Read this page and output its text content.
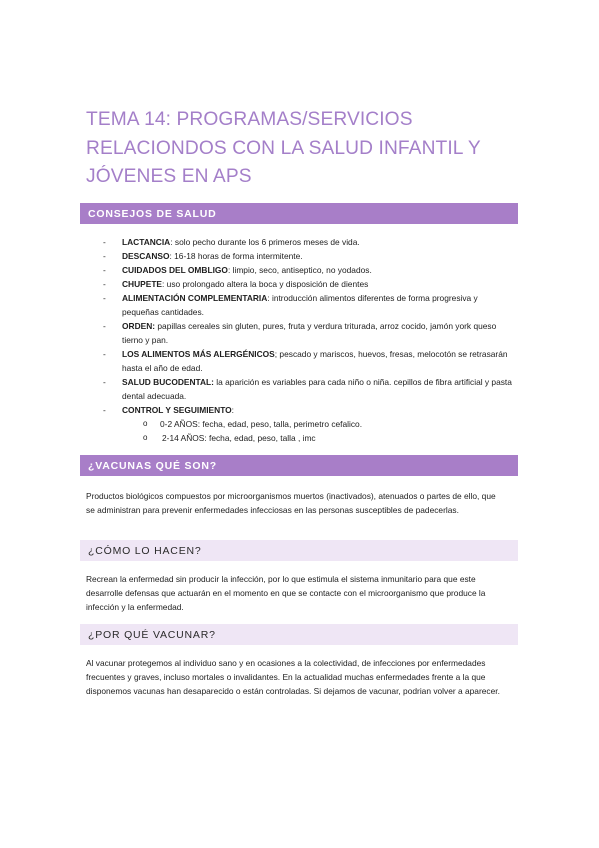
TEMA 14: PROGRAMAS/SERVICIOS
RELACIONDOS CON LA SALUD INFANTIL Y
JÓVENES EN APS
CONSEJOS DE SALUD
- LACTANCIA: solo pecho durante los 6 primeros meses de vida.
- DESCANSO: 16-18 horas de forma intermitente.
- CUIDADOS DEL OMBLIGO: limpio, seco, antiseptico, no yodados.
- CHUPETE: uso prolongado altera la boca y disposición de dientes
- ALIMENTACIÓN COMPLEMENTARIA: introducción alimentos diferentes de forma progresiva y pequeñas cantidades.
- ORDEN: papillas cereales sin gluten, pures, fruta y verdura triturada, arroz cocido, jamón york queso tierno y pan.
- LOS ALIMENTOS MÁS ALERGÉNICOS; pescado y mariscos, huevos, fresas, melocotón se retrasarán hasta el año de edad.
- SALUD BUCODENTAL: la aparición es variables para cada niño o niña. cepillos de fibra artificial y pasta dental adecuada.
- CONTROL Y SEGUIMIENTO:
o 0-2 AÑOS: fecha, edad, peso, talla, perimetro cefalico.
o 2-14 AÑOS: fecha, edad, peso, talla , imc
¿VACUNAS QUÉ SON?
Productos biológicos compuestos por microorganismos muertos (inactivados), atenuados o partes de ello, que se administran para prevenir enfermedades infecciosas en las personas susceptibles de padecerlas.
¿CÓMO LO HACEN?
Recrean la enfermedad sin producir la infección, por lo que estimula el sistema inmunitario para que este desarrolle defensas que actuarán en el momento en que se contacte con el microorganismo que produce la infección y la enfermedad.
¿POR QUÉ VACUNAR?
Al vacunar protegemos al individuo sano y en ocasiones a la colectividad, de infecciones por enfermedades frecuentes y graves, incluso mortales o invalidantes. En la actualidad muchas enfermedades frente a la que disponemos vacunas han desaparecido o están controladas. Si dejamos de vacunar, podrian volver a aparecer.
